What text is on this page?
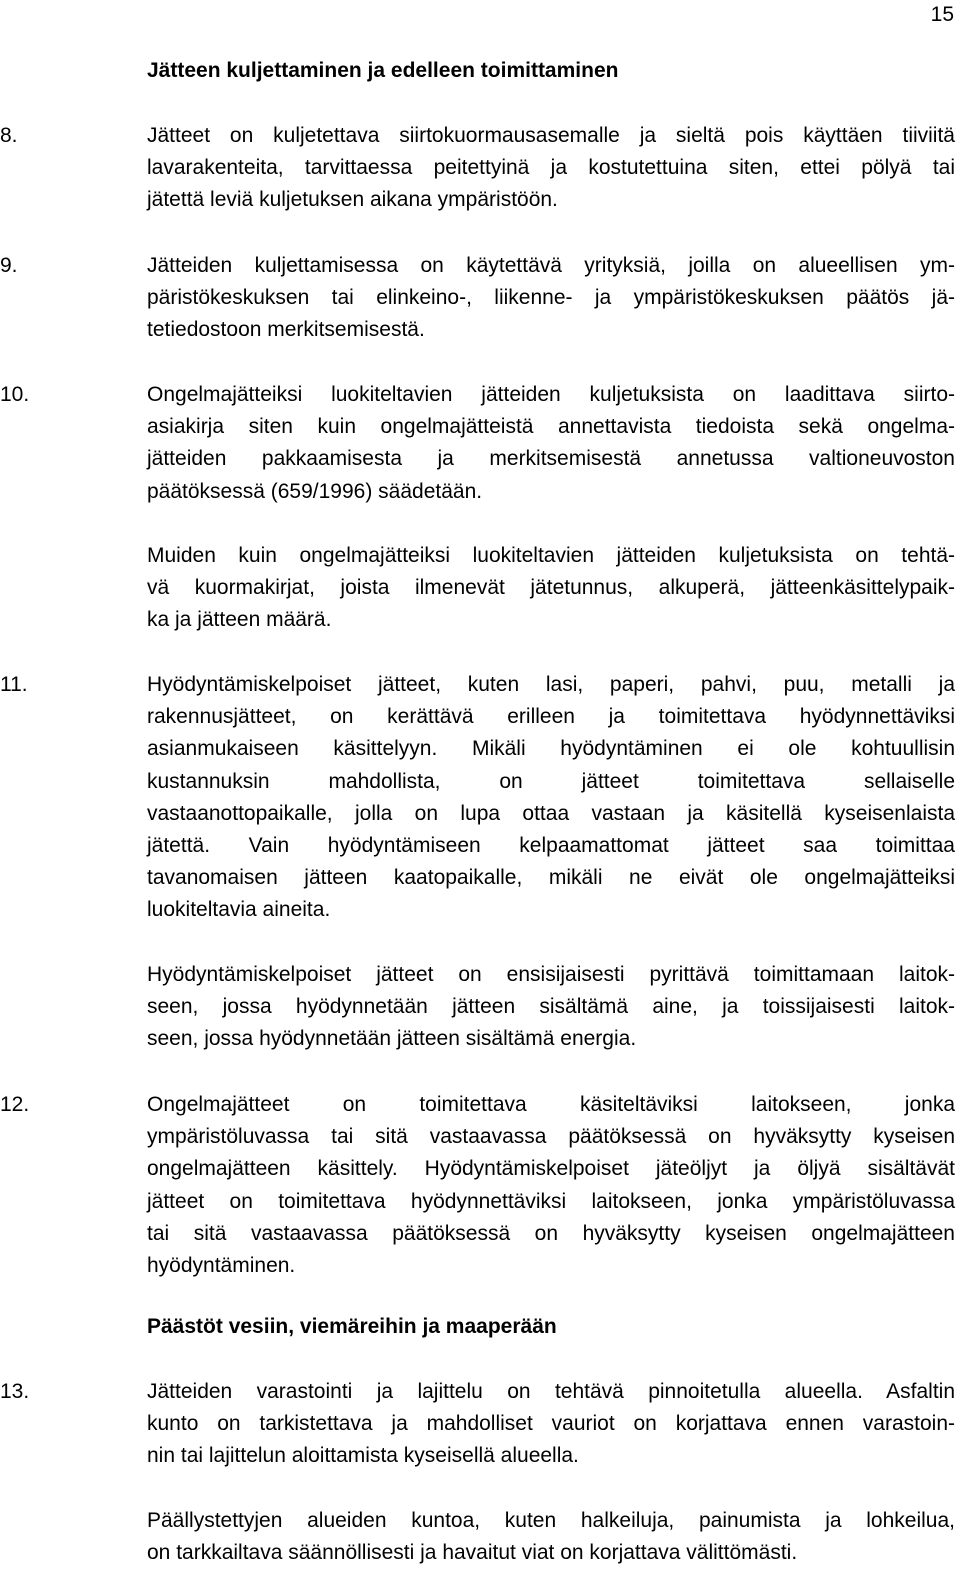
15
Jätteen kuljettaminen ja edelleen toimittaminen
Päästöt vesiin, viemäreihin ja maaperään
8.	Jätteet on kuljetettava siirtokuormausasemalle ja sieltä pois käyttäen tiiviitä
lavarakenteita, tarvittaessa peitettyinä ja kostutettuina siten, ettei pölyä tai
jätettä leviä kuljetuksen aikana ympäristöön.
9.	Jätteiden kuljettamisessa on käytettävä yrityksiä, joilla on alueellisen ym-
päristökeskuksen tai elinkeino-, liikenne- ja ympäristökeskuksen päätös jä-
tetiedostoon merkitsemisestä.
10.	Ongelmajätteiksi luokiteltavien jätteiden kuljetuksista on laadittava siirto-
asiakirja siten kuin ongelmajätteistä annettavista tiedoista sekä ongelma-
jätteiden pakkaamisesta ja merkitsemisestä annetussa valtioneuvoston
päätöksessä (659/1996) säädetään.
Muiden kuin ongelmajätteiksi luokiteltavien jätteiden kuljetuksista on tehtä-
vä kuormakirjat, joista ilmenevät jätetunnus, alkuperä, jätteenkäsittelypaik-
ka ja jätteen määrä.
11.	Hyödyntämiskelpoiset jätteet, kuten lasi, paperi, pahvi, puu, metalli ja
rakennusjätteet, on kerättävä erilleen ja toimitettava hyödynnettäviksi
asianmukaiseen käsittelyyn. Mikäli hyödyntäminen ei ole kohtuullisin
kustannuksin mahdollista, on jätteet toimitettava sellaiselle
vastaanottopaikalle, jolla on lupa ottaa vastaan ja käsitellä kyseisenlaista
jätettä. Vain hyödyntämiseen kelpaamattomat jätteet saa toimittaa
tavanomaisen jätteen kaatopaikalle, mikäli ne eivät ole ongelmajätteiksi
luokiteltavia aineita.
Hyödyntämiskelpoiset jätteet on ensisijaisesti pyrittävä toimittamaan laitok-
seen, jossa hyödynnetään jätteen sisältämä aine, ja toissijaisesti laitok-
seen, jossa hyödynnetään jätteen sisältämä energia.
12.	Ongelmajätteet on toimitettava käsiteltäviksi laitokseen, jonka
ympäristöluvassa tai sitä vastaavassa päätöksessä on hyväksytty kyseisen
ongelmajätteen käsittely. Hyödyntämiskelpoiset jäteöljyt ja öljyä sisältävät
jätteet on toimitettava hyödynnettäviksi laitokseen, jonka ympäristöluvassa
tai sitä vastaavassa päätöksessä on hyväksytty kyseisen ongelmajätteen
hyödyntäminen.
13.	Jätteiden varastointi ja lajittelu on tehtävä pinnoitetulla alueella. Asfaltin
kunto on tarkistettava ja mahdolliset vauriot on korjattava ennen varastoin-
nin tai lajittelun aloittamista kyseisellä alueella.
Päällystettyjen alueiden kuntoa, kuten halkeiluja, painumista ja lohkeilua,
on tarkkailtava säännöllisesti ja havaitut viat on korjattava välittömästi.
